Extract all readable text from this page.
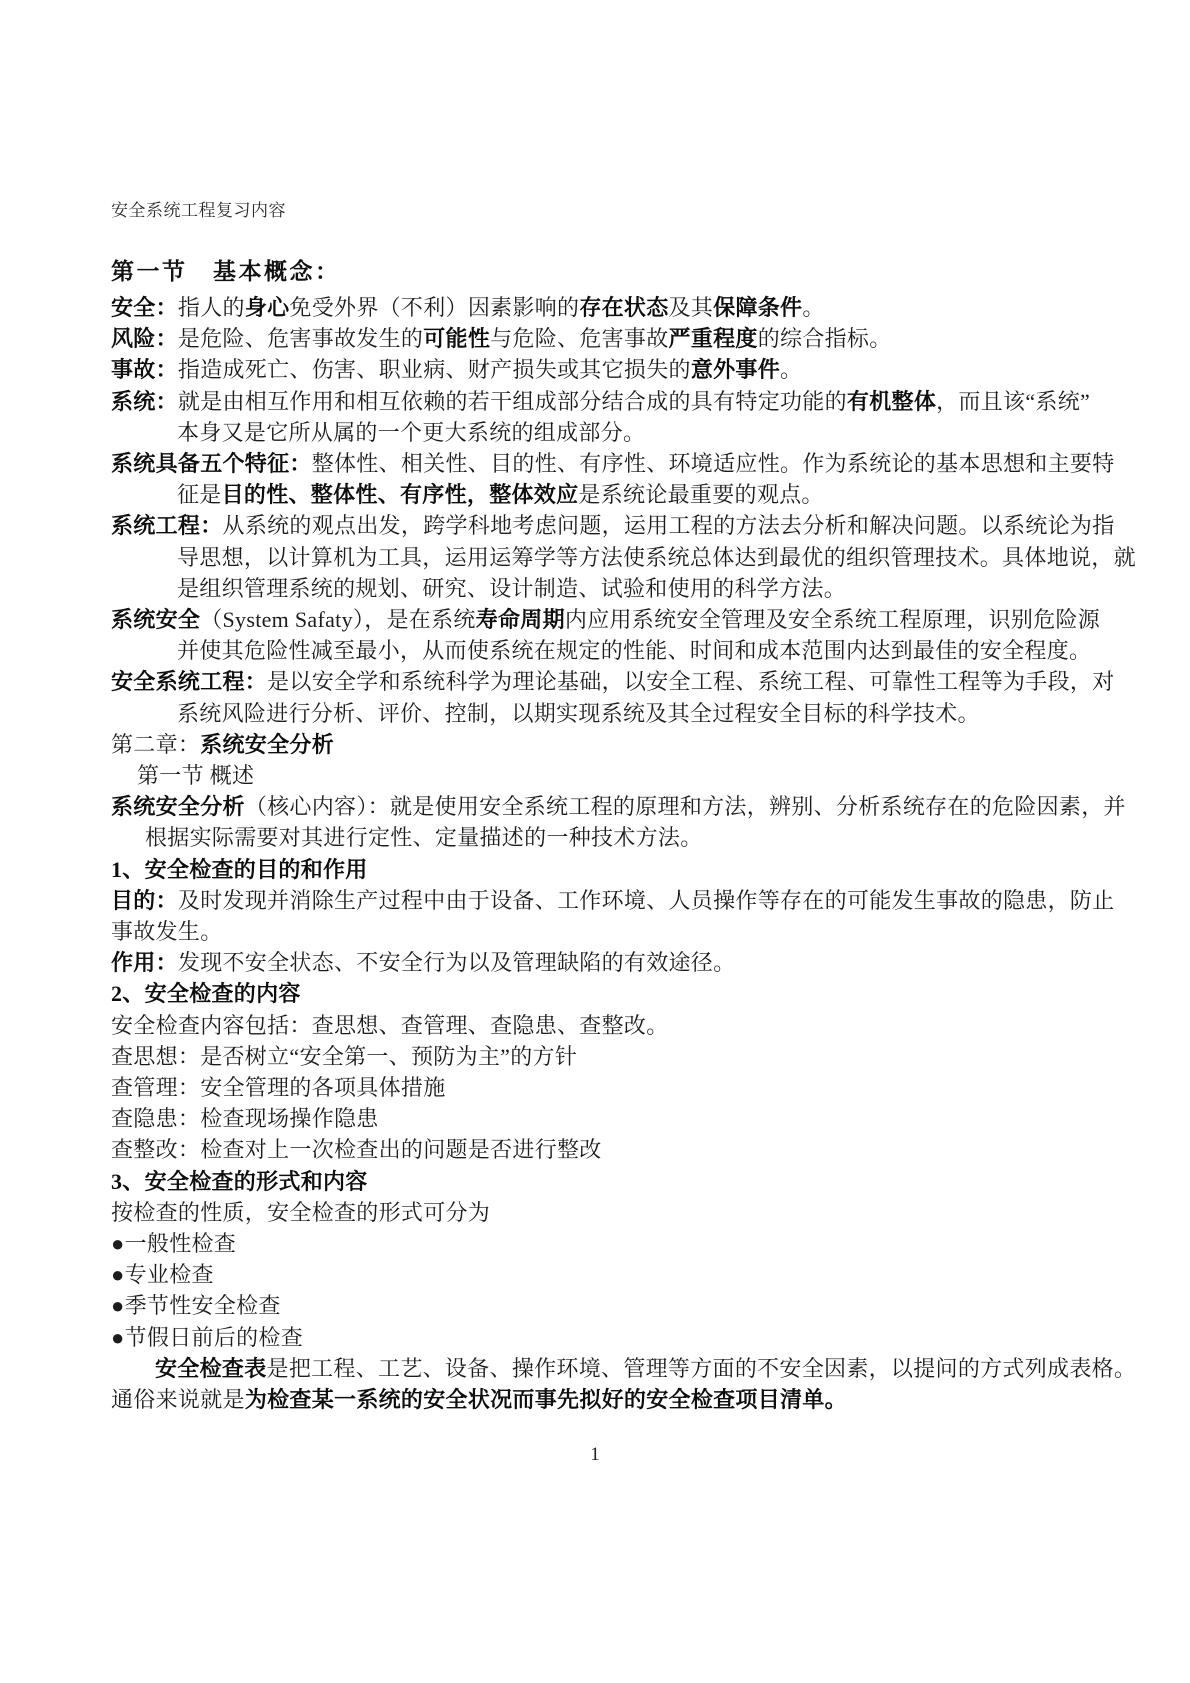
安全系统工程复习内容
第一节　基本概念：
安全：指人的身心免受外界（不利）因素影响的存在状态及其保障条件。
风险：是危险、危害事故发生的可能性与危险、危害事故严重程度的综合指标。
事故：指造成死亡、伤害、职业病、财产损失或其它损失的意外事件。
系统：就是由相互作用和相互依赖的若干组成部分结合成的具有特定功能的有机整体，而且该“系统”
本身又是它所从属的一个更大系统的组成部分。
系统具备五个特征：整体性、相关性、目的性、有序性、环境适应性。作为系统论的基本思想和主要特
征是目的性、整体性、有序性，整体效应是系统论最重要的观点。
系统工程：从系统的观点出发，跨学科地考虑问题，运用工程的方法去分析和解决问题。以系统论为指
导思想，以计算机为工具，运用运筹学等方法使系统总体达到最优的组织管理技术。具体地说，就
是组织管理系统的规划、研究、设计制造、试验和使用的科学方法。
系统安全（System Safaty），是在系统寿命周期内应用系统安全管理及安全系统工程原理，识别危险源
并使其危险性减至最小，从而使系统在规定的性能、时间和成本范围内达到最佳的安全程度。
安全系统工程：是以安全学和系统科学为理论基础，以安全工程、系统工程、可靠性工程等为手段，对
系统风险进行分析、评价、控制，以期实现系统及其全过程安全目标的科学技术。
第二章：系统安全分析
第一节 概述
系统安全分析（核心内容）：就是使用安全系统工程的原理和方法，辨别、分析系统存在的危险因素，并
根据实际需要对其进行定性、定量描述的一种技术方法。
1、安全检查的目的和作用
目的：及时发现并消除生产过程中由于设备、工作环境、人员操作等存在的可能发生事故的隐患，防止
事故发生。
作用：发现不安全状态、不安全行为以及管理缺陷的有效途径。
2、安全检查的内容
安全检查内容包括：查思想、查管理、查隐患、查整改。
查思想：是否树立“安全第一、预防为主”的方针
查管理：安全管理的各项具体措施
查隐患：检查现场操作隐患
查整改：检查对上一次检查出的问题是否进行整改
3、安全检查的形式和内容
按检查的性质，安全检查的形式可分为
●一般性检查
●专业检查
●季节性安全检查
●节假日前后的检查
安全检查表是把工程、工艺、设备、操作环境、管理等方面的不安全因素，以提问的方式列成表格。
通俗来说就是为检查某一系统的安全状况而事先拟好的安全检查项目清单。
1
